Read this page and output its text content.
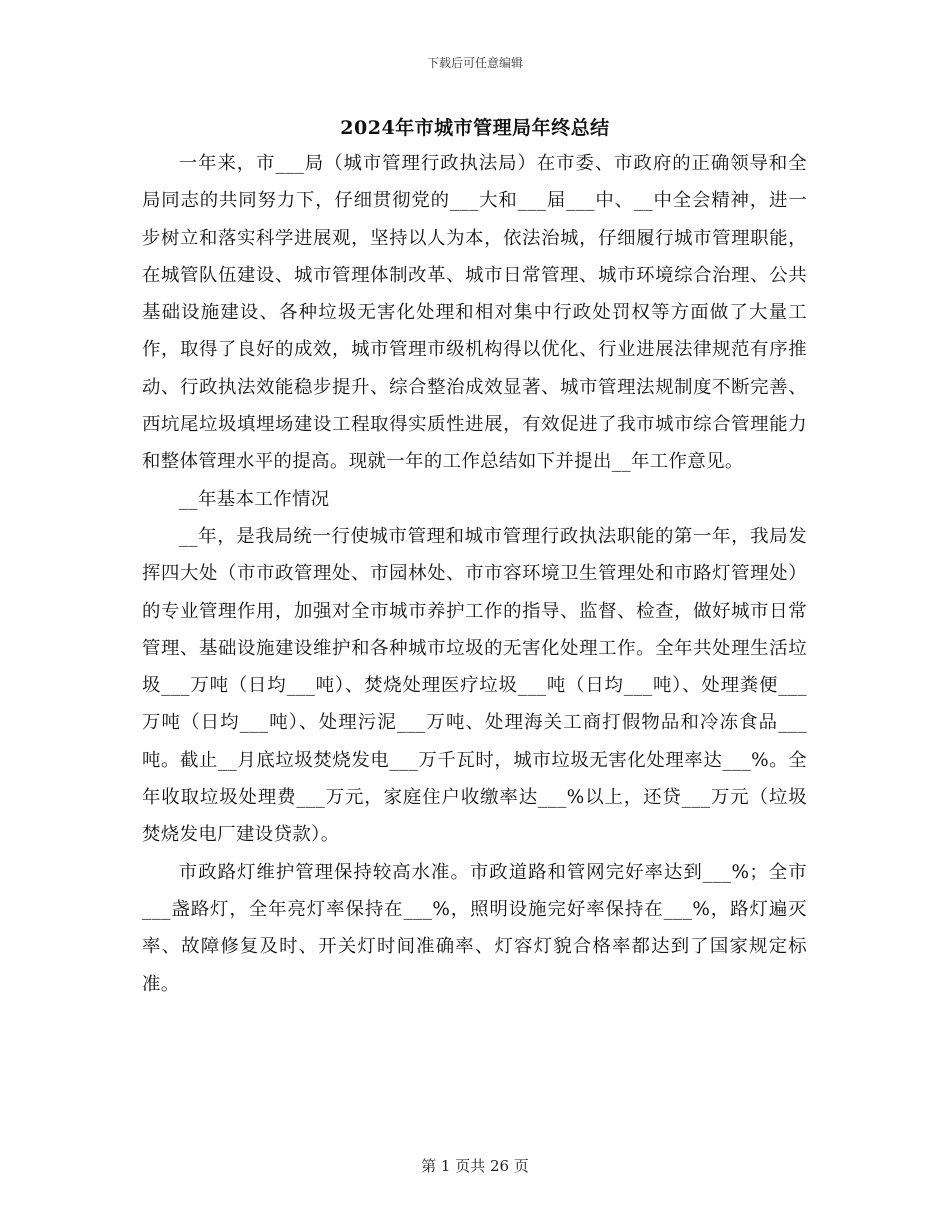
下载后可任意编辑
2024年市城市管理局年终总结

一年来，市___局（城市管理行政执法局）在市委、市政府的正确领导和全局同志的共同努力下，仔细贯彻党的___大和___届___中、__中全会精神，进一步树立和落实科学进展观，坚持以人为本，依法治城，仔细履行城市管理职能，在城管队伍建设、城市管理体制改革、城市日常管理、城市环境综合治理、公共基础设施建设、各种垃圾无害化处理和相对集中行政处罚权等方面做了大量工作，取得了良好的成效，城市管理市级机构得以优化、行业进展法律规范有序推动、行政执法效能稳步提升、综合整治成效显著、城市管理法规制度不断完善、西坑尾垃圾填埋场建设工程取得实质性进展，有效促进了我市城市综合管理能力和整体管理水平的提高。现就一年的工作总结如下并提出__年工作意见。

__年基本工作情况

__年，是我局统一行使城市管理和城市管理行政执法职能的第一年，我局发挥四大处（市市政管理处、市园林处、市市容环境卫生管理处和市路灯管理处）的专业管理作用，加强对全市城市养护工作的指导、监督、检查，做好城市日常管理、基础设施建设维护和各种城市垃圾的无害化处理工作。全年共处理生活垃圾___万吨（日均___吨）、焚烧处理医疗垃圾___吨（日均___吨）、处理粪便___万吨（日均___吨）、处理污泥___万吨、处理海关工商打假物品和冷冻食品___吨。截止__月底垃圾焚烧发电___万千瓦时，城市垃圾无害化处理率达___%。全年收取垃圾处理费___万元，家庭住户收缴率达___%以上，还贷___万元（垃圾焚烧发电厂建设贷款）。

市政路灯维护管理保持较高水准。市政道路和管网完好率达到___%；全市___盏路灯，全年亮灯率保持在___%，照明设施完好率保持在___%，路灯遍灭率、故障修复及时、开关灯时间准确率、灯容灯貌合格率都达到了国家规定标准。

第 1 页共 26 页
